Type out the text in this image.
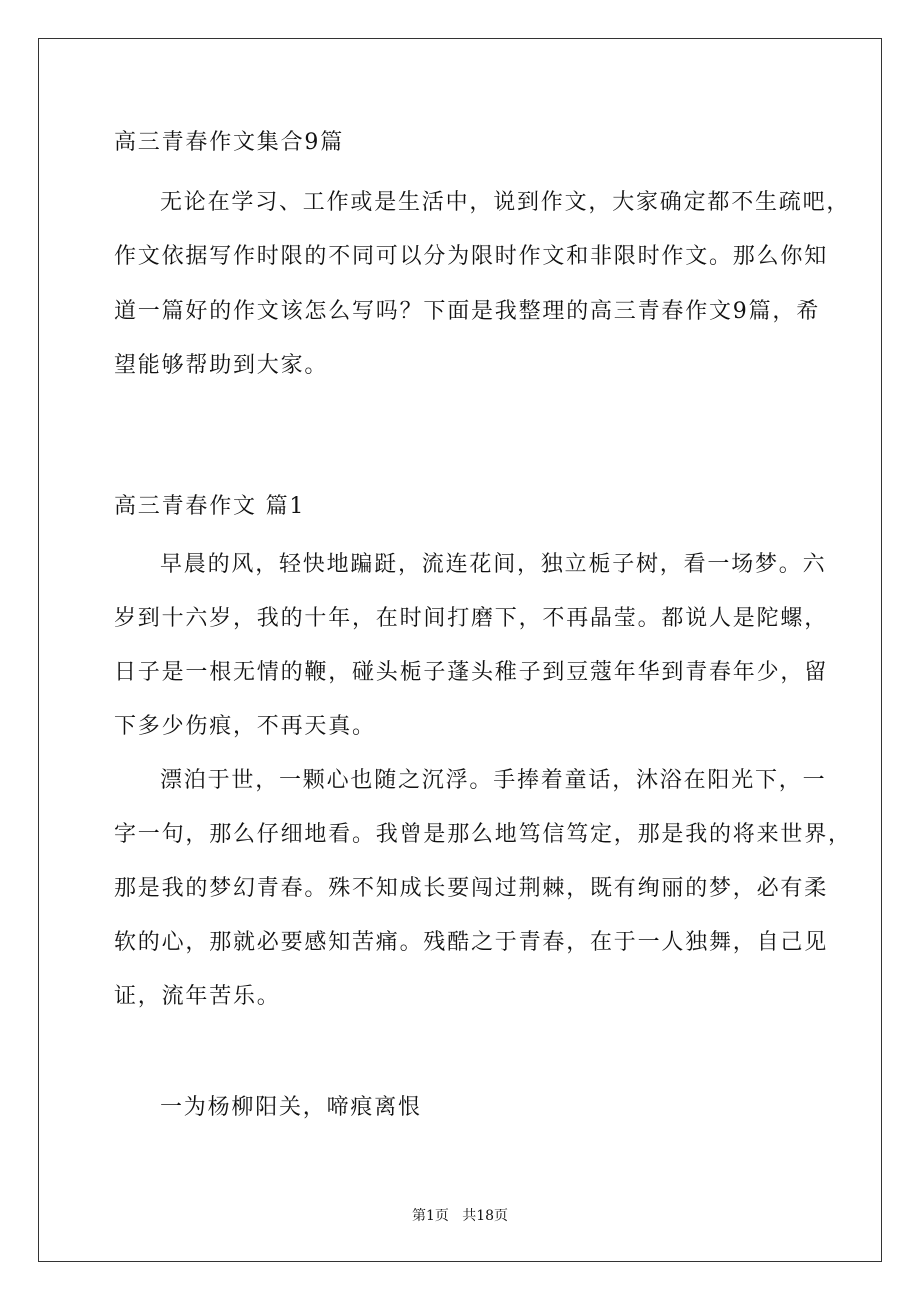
高三青春作文集合9篇
无论在学习、工作或是生活中，说到作文，大家确定都不生疏吧，
作文依据写作时限的不同可以分为限时作文和非限时作文。那么你知
道一篇好的作文该怎么写吗？下面是我整理的高三青春作文9篇，希
望能够帮助到大家。
高三青春作文 篇1
早晨的风，轻快地蹁跹，流连花间，独立栀子树，看一场梦。六
岁到十六岁，我的十年，在时间打磨下，不再晶莹。都说人是陀螺，
日子是一根无情的鞭，碰头栀子蓬头稚子到豆蔻年华到青春年少，留
下多少伤痕，不再天真。
漂泊于世，一颗心也随之沉浮。手捧着童话，沐浴在阳光下，一
字一句，那么仔细地看。我曾是那么地笃信笃定，那是我的将来世界，
那是我的梦幻青春。殊不知成长要闯过荆棘，既有绚丽的梦，必有柔
软的心，那就必要感知苦痛。残酷之于青春，在于一人独舞，自己见
证，流年苦乐。
一为杨柳阳关，啼痕离恨
第1页   共18页
